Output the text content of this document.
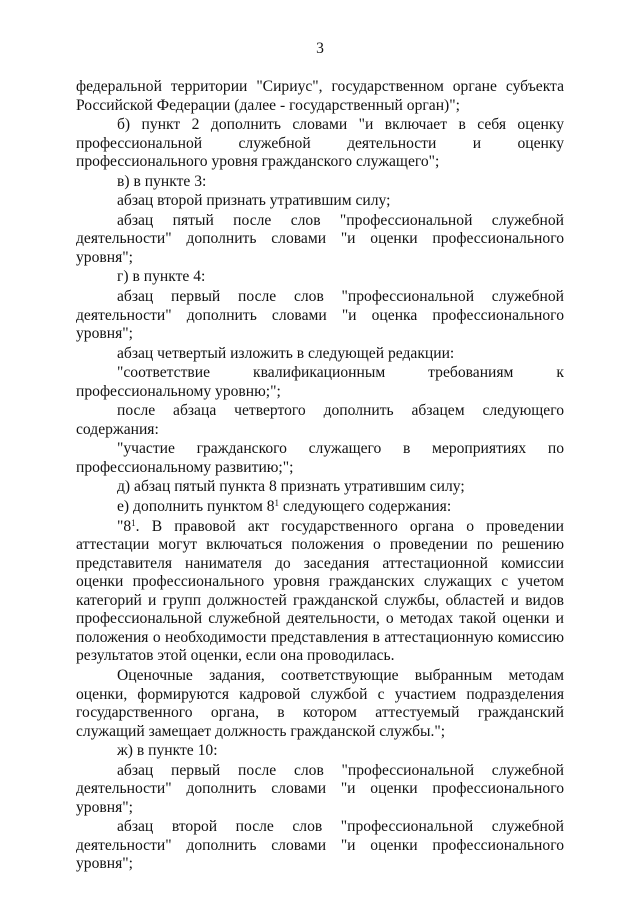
3

федеральной территории "Сириус", государственном органе субъекта Российской Федерации (далее - государственный орган)";

б) пункт 2 дополнить словами "и включает в себя оценку профессиональной служебной деятельности и оценку профессионального уровня гражданского служащего";

в) в пункте 3:

абзац второй признать утратившим силу;

абзац пятый после слов "профессиональной служебной деятельности" дополнить словами "и оценки профессионального уровня";

г) в пункте 4:

абзац первый после слов "профессиональной служебной деятельности" дополнить словами "и оценка профессионального уровня";

абзац четвертый изложить в следующей редакции:

"соответствие квалификационным требованиям к профессиональному уровню;";

после абзаца четвертого дополнить абзацем следующего содержания:

"участие гражданского служащего в мероприятиях по профессиональному развитию;";

д) абзац пятый пункта 8 признать утратившим силу;

е) дополнить пунктом $8^1$ следующего содержания:

"$8^1$. В правовой акт государственного органа о проведении аттестации могут включаться положения о проведении по решению представителя нанимателя до заседания аттестационной комиссии оценки профессионального уровня гражданских служащих с учетом категорий и групп должностей гражданской службы, областей и видов профессиональной служебной деятельности, о методах такой оценки и положения о необходимости представления в аттестационную комиссию результатов этой оценки, если она проводилась.

Оценочные задания, соответствующие выбранным методам оценки, формируются кадровой службой с участием подразделения государственного органа, в котором аттестуемый гражданский служащий замещает должность гражданской службы.";

ж) в пункте 10:

абзац первый после слов "профессиональной служебной деятельности" дополнить словами "и оценки профессионального уровня";

абзац второй после слов "профессиональной служебной деятельности" дополнить словами "и оценки профессионального уровня";
